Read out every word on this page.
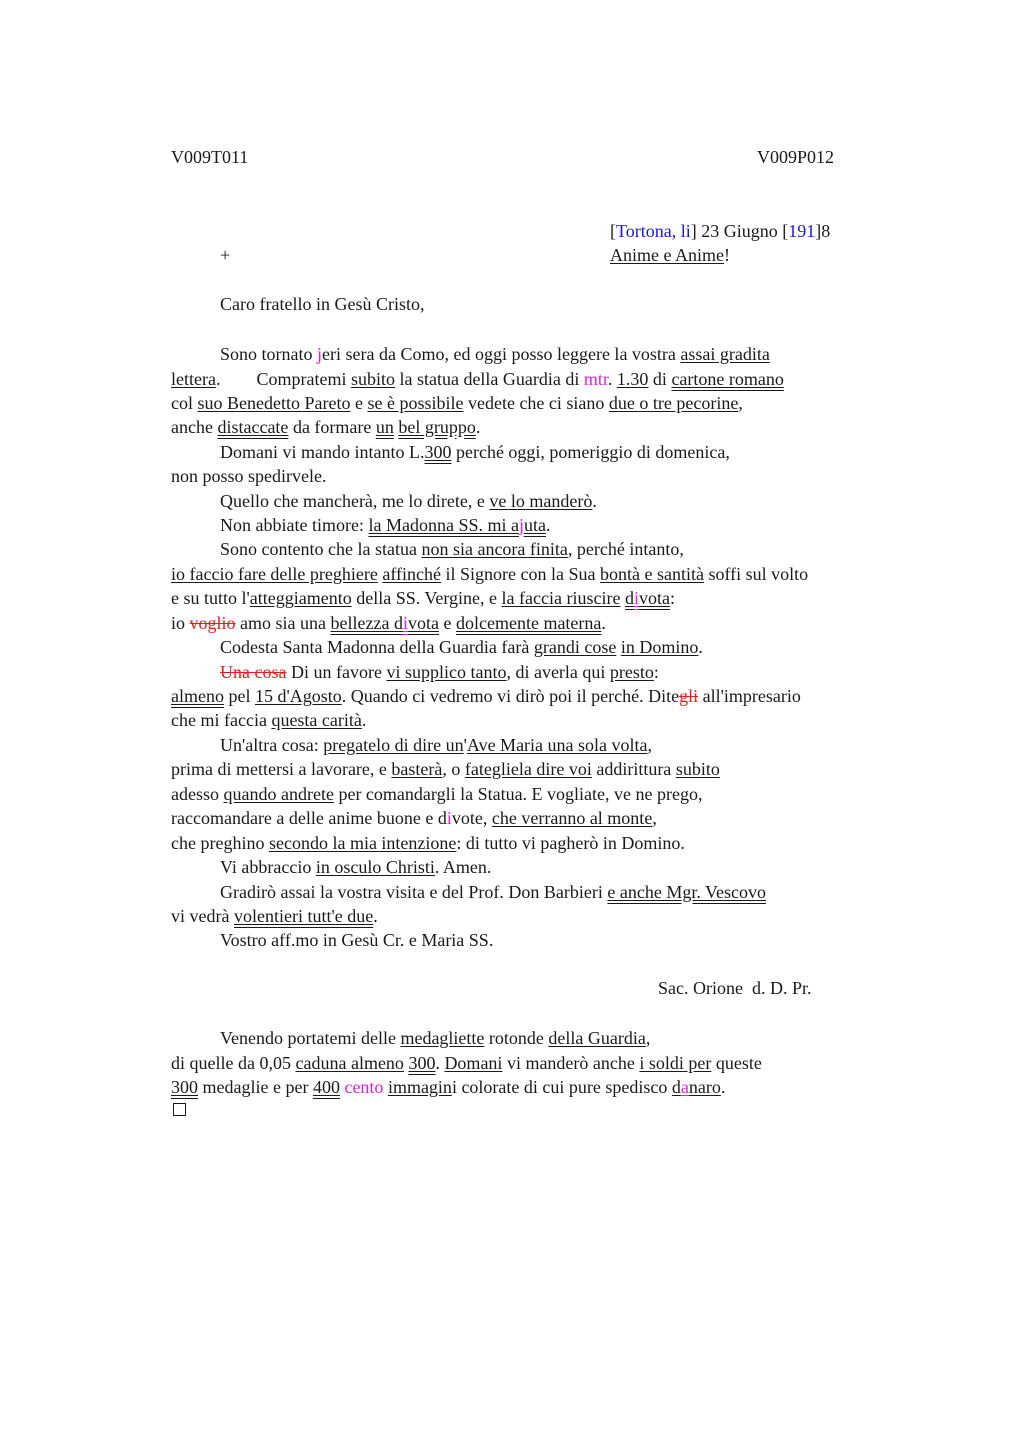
V009T011	V009P012
[Tortona, li] 23 Giugno [191]8
+	Anime e Anime!
Caro fratello in Gesù Cristo,
Sono tornato jeri sera da Como, ed oggi posso leggere la vostra assai gradita
lettera.        Compratemi subito la statua della Guardia di mtr. 1.30 di cartone romano
col suo Benedetto Pareto e se è possibile vedete che ci siano due o tre pecorine,
anche distaccate da formare un bel gruppo.
Domani vi mando intanto L.300 perché oggi, pomeriggio di domenica,
non posso spedirvele.
Quello che mancherà, me lo direte, e ve lo manderò.
Non abbiate timore: la Madonna SS. mi ajuta.
Sono contento che la statua non sia ancora finita, perché intanto,
io faccio fare delle preghiere affinché il Signore con la Sua bontà e santità soffi sul volto
e su tutto l'atteggiamento della SS. Vergine, e la faccia riuscire divota:
io voglio amo sia una bellezza divota e dolcemente materna.
Codesta Santa Madonna della Guardia farà grandi cose in Domino.
Una cosa Di un favore vi supplico tanto, di averla qui presto:
almeno pel 15 d'Agosto. Quando ci vedremo vi dirò poi il perché. Ditegli all'impresario
che mi faccia questa carità.
Un'altra cosa: pregatelo di dire un'Ave Maria una sola volta,
prima di mettersi a lavorare, e basterà, o fategliela dire voi addirittura subito
adesso quando andrete per comandargli la Statua. E vogliate, ve ne prego,
raccomandare a delle anime buone e divote, che verranno al monte,
che preghino secondo la mia intenzione: di tutto vi pagherò in Domino.
Vi abbraccio in osculo Christi. Amen.
Gradirò assai la vostra visita e del Prof. Don Barbieri e anche Mgr. Vescovo
vi vedrà volentieri tutt'e due.
Vostro aff.mo in Gesù Cr. e Maria SS.
Sac. Orione  d. D. Pr.
Venendo portatemi delle medagliette rotonde della Guardia,
di quelle da 0,05 caduna almeno 300. Domani vi manderò anche i soldi per queste
300 medaglie e per 400 cento immagini colorate di cui pure spedisco danaro.
